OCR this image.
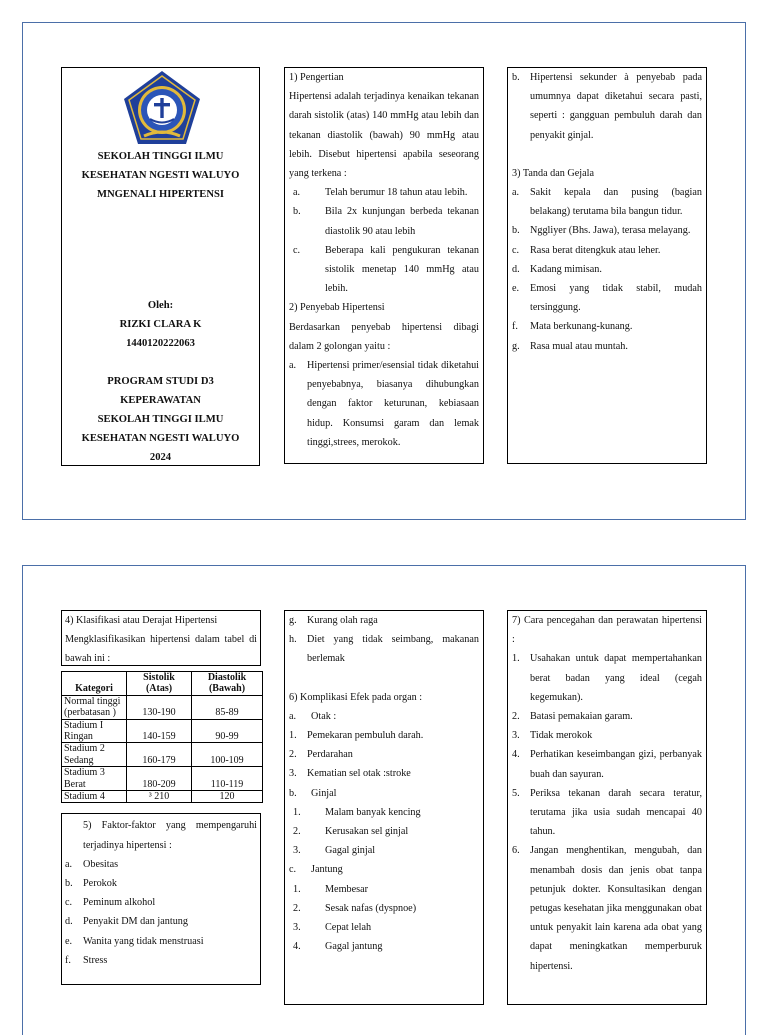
SEKOLAH TINGGI ILMU
KESEHATAN NGESTI WALUYO
MNGENALI HIPERTENSI
Oleh:
RIZKI CLARA K
1440120222063
PROGRAM STUDI D3
KEPERAWATAN
SEKOLAH TINGGI ILMU
KESEHATAN NGESTI WALUYO
2024
1) Pengertian
Hipertensi adalah terjadinya kenaikan tekanan darah sistolik (atas) 140 mmHg atau lebih dan tekanan diastolik (bawah) 90 mmHg atau lebih. Disebut hipertensi apabila seseorang yang terkena :
a. Telah berumur 18 tahun atau lebih.
b. Bila 2x kunjungan berbeda tekanan diastolik 90 atau lebih
c. Beberapa kali pengukuran tekanan sistolik menetap 140 mmHg atau lebih.
2) Penyebab Hipertensi
Berdasarkan penyebab hipertensi dibagi dalam 2 golongan yaitu :
a. Hipertensi primer/esensial tidak diketahui penyebabnya, biasanya dihubungkan dengan faktor keturunan, kebiasaan hidup. Konsumsi garam dan lemak tinggi,strees, merokok.
b. Hipertensi sekunder à penyebab pada umumnya dapat diketahui secara pasti, seperti : gangguan pembuluh darah dan penyakit ginjal.
3) Tanda dan Gejala
a. Sakit kepala dan pusing (bagian belakang) terutama bila bangun tidur.
b. Nggliyer (Bhs. Jawa), terasa melayang.
c. Rasa berat ditengkuk atau leher.
d. Kadang mimisan.
e. Emosi yang tidak stabil, mudah tersinggung.
f. Mata berkunang-kunang.
g. Rasa mual atau muntah.
4) Klasifikasi atau Derajat Hipertensi
Mengklasifikasikan hipertensi dalam tabel di bawah ini :
Kategori	Sistolik (Atas)	Diastolik (Bawah)
Normal tinggi (perbatasan )	130-190	85-89
Stadium I Ringan	140-159	90-99
Stadium 2 Sedang	160-179	100-109
Stadium 3 Berat	180-209	110-119
Stadium 4	³ 210	120
5) Faktor-faktor yang mempengaruhi terjadinya hipertensi :
a. Obesitas
b. Perokok
c. Peminum alkohol
d. Penyakit DM dan jantung
e. Wanita yang tidak menstruasi
f. Stress
g. Kurang olah raga
h. Diet yang tidak seimbang, makanan berlemak
6) Komplikasi Efek pada organ :
a. Otak :
1. Pemekaran pembuluh darah.
2. Perdarahan
3. Kematian sel otak :stroke
b. Ginjal
1. Malam banyak kencing
2. Kerusakan sel ginjal
3. Gagal ginjal
c. Jantung
1. Membesar
2. Sesak nafas (dyspnoe)
3. Cepat lelah
4. Gagal jantung
7) Cara pencegahan dan perawatan hipertensi :
1. Usahakan untuk dapat mempertahankan berat badan yang ideal (cegah kegemukan).
2. Batasi pemakaian garam.
3. Tidak merokok
4. Perhatikan keseimbangan gizi, perbanyak buah dan sayuran.
5. Periksa tekanan darah secara teratur, terutama jika usia sudah mencapai 40 tahun.
6. Jangan menghentikan, mengubah, dan menambah dosis dan jenis obat tanpa petunjuk dokter. Konsultasikan dengan petugas kesehatan jika menggunakan obat untuk penyakit lain karena ada obat yang dapat meningkatkan memperburuk hipertensi.
